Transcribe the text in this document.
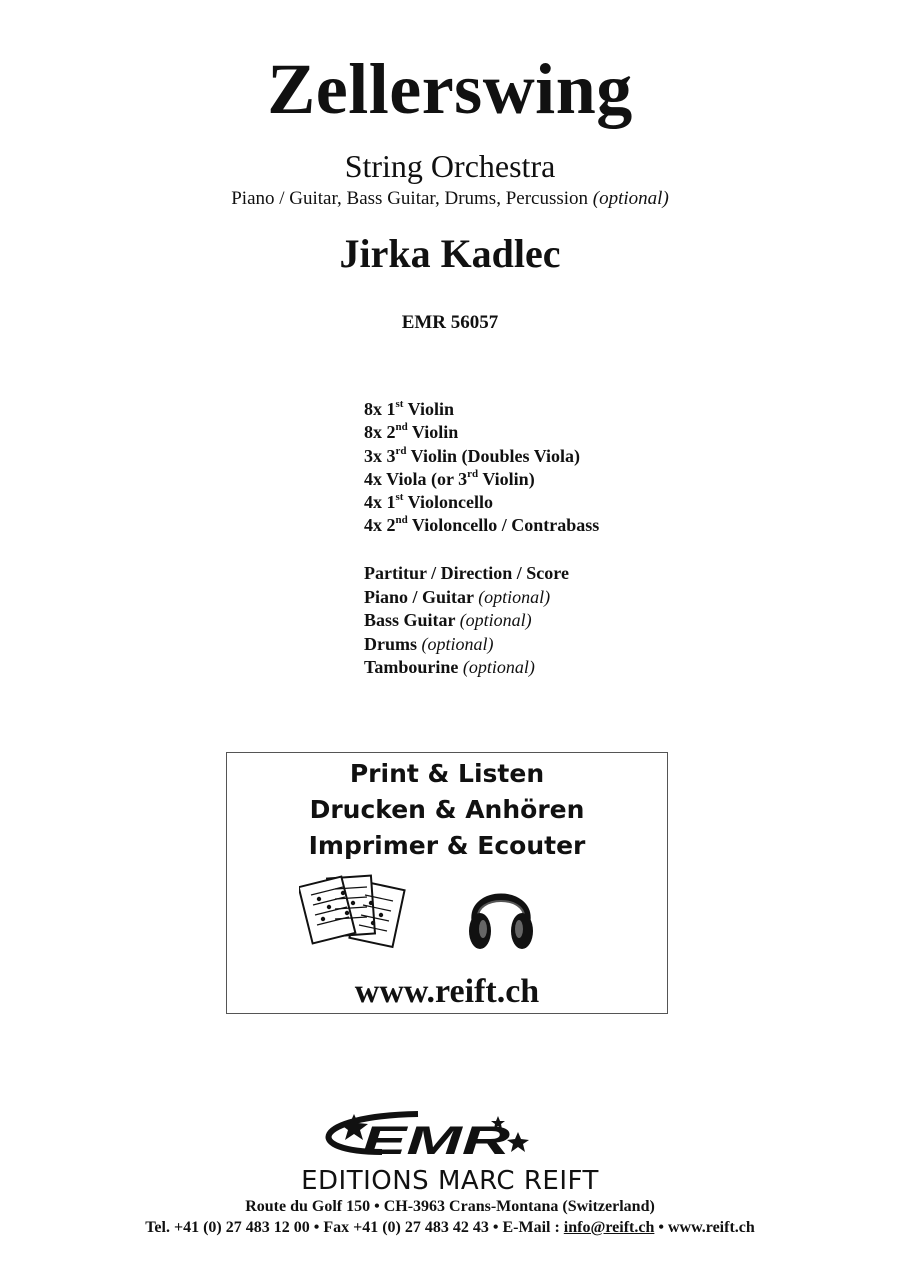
Zellerswing
String Orchestra
Piano / Guitar, Bass Guitar, Drums, Percussion (optional)
Jirka Kadlec
EMR 56057
8x 1st Violin
8x 2nd Violin
3x 3rd Violin (Doubles Viola)
4x Viola (or 3rd Violin)
4x 1st Violoncello
4x 2nd Violoncello / Contrabass
Partitur / Direction / Score
Piano / Guitar (optional)
Bass Guitar (optional)
Drums (optional)
Tambourine (optional)
Print & Listen
Drucken & Anhören
Imprimer & Ecouter
www.reift.ch
EMR
EDITIONS MARC REIFT
Route du Golf 150 • CH-3963 Crans-Montana (Switzerland)
Tel. +41 (0) 27 483 12 00 • Fax +41 (0) 27 483 42 43 • E-Mail : info@reift.ch • www.reift.ch
